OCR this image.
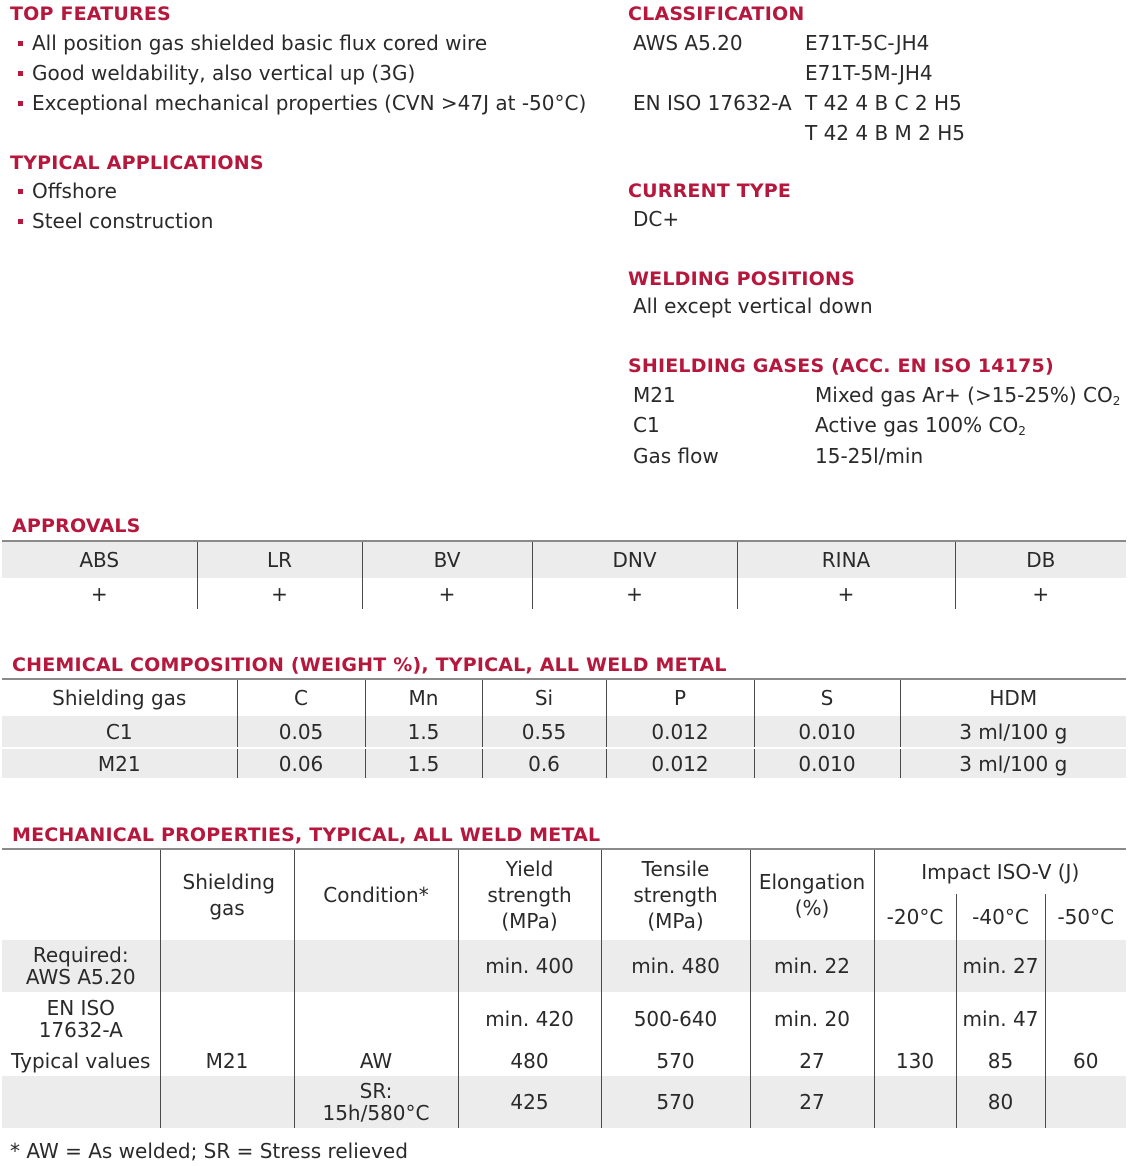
TOP FEATURES
All position gas shielded basic flux cored wire
Good weldability, also vertical up (3G)
Exceptional mechanical properties (CVN >47J at -50°C)
TYPICAL APPLICATIONS
Offshore
Steel construction
CLASSIFICATION
AWS A5.20	E71T-5C-JH4
E71T-5M-JH4
EN ISO 17632-A T 42 4 B C 2 H5
T 42 4 B M 2 H5
CURRENT TYPE
DC+
WELDING POSITIONS
All except vertical down
SHIELDING GASES (ACC. EN ISO 14175)
M21	Mixed gas Ar+ (>15-25%) $CO_2$
C1	Active gas 100% $CO_2$
Gas flow	15-25l/min
APPROVALS
ABS	LR	BV	DNV	RINA	DB
+	+	+	+	+	+
CHEMICAL COMPOSITION (WEIGHT %), TYPICAL, ALL WELD METAL
Shielding gas	C	Mn	Si	P	S	HDM
C1	0.05	1.5	0.55	0.012	0.010	3 ml/100 g
M21	0.06	1.5	0.6	0.012	0.010	3 ml/100 g
MECHANICAL PROPERTIES, TYPICAL, ALL WELD METAL
	Shielding gas	Condition*	Yield strength (MPa)	Tensile strength (MPa)	Elongation (%)	Impact ISO-V (J)		
						-20°C	-40°C	-50°C
Required: AWS A5.20			min. 400	min. 480	min. 22		min. 27	
EN ISO 17632-A			min. 420	500-640	min. 20		min. 47	
Typical values	M21	AW	480	570	27	130	85	60
		SR: 15h/580°C	425	570	27		80	
* AW = As welded; SR = Stress relieved
